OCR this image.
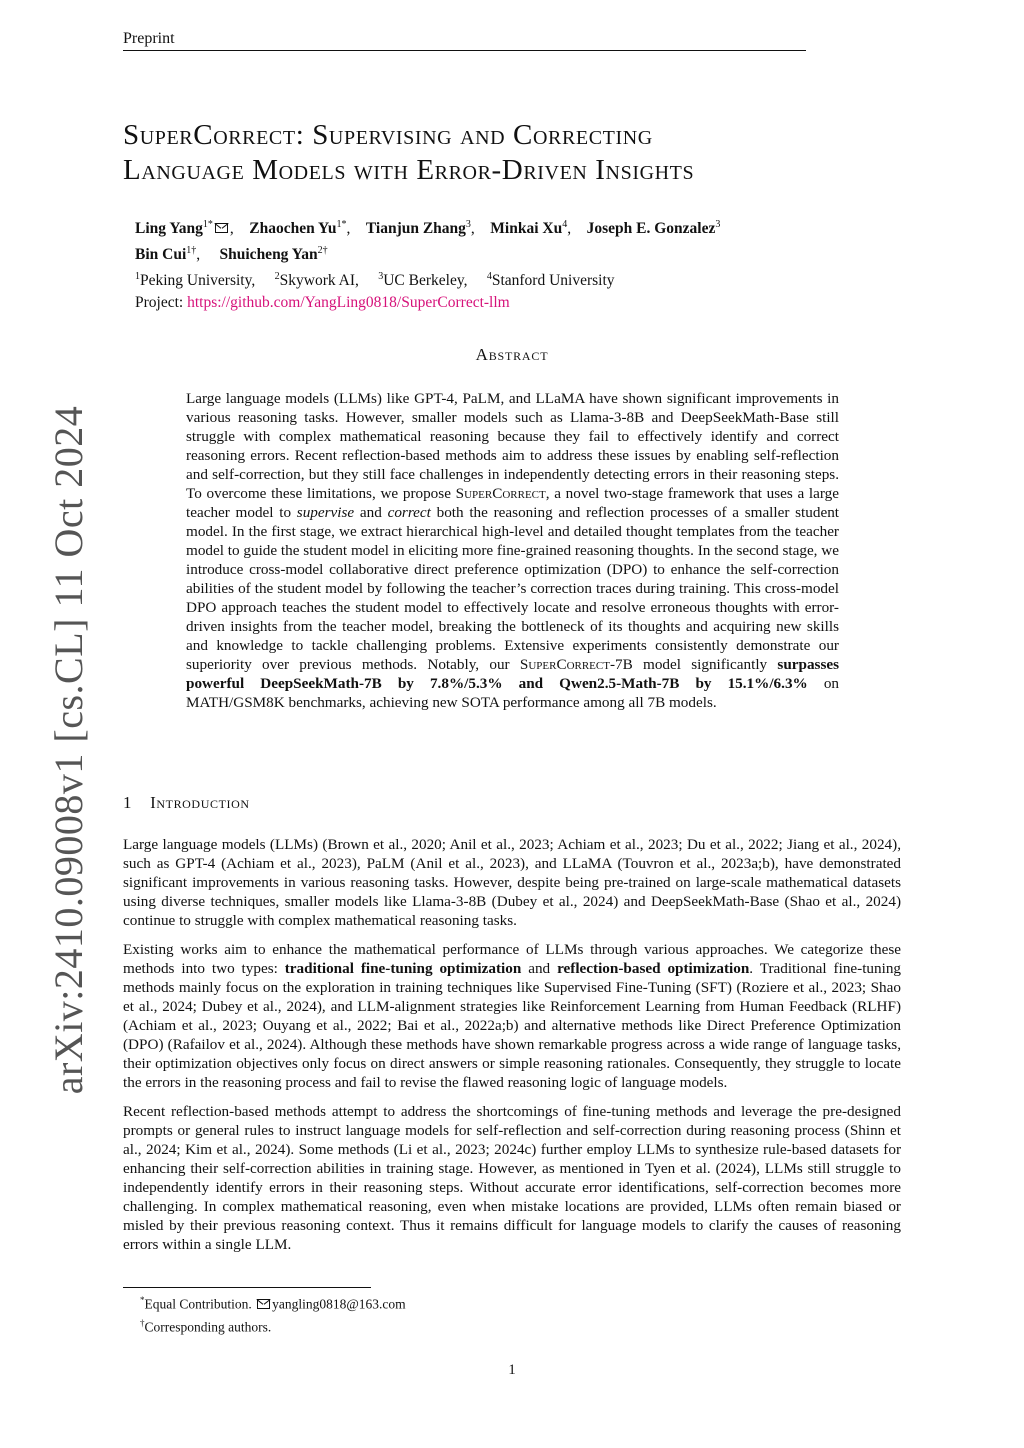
Preprint
arXiv:2410.09008v1 [cs.CL] 11 Oct 2024
SuperCorrect: Supervising and Correcting
Language Models with Error-Driven Insights
Ling Yang$^{1*}$ ,    Zhaochen $Yu^{1*}$,    Tianjun Zhang$^3$,    Minkai Xu$^4$,    Joseph E. Gonzalez$^3$
Bin Cui$^{1\dagger}$,     Shuicheng Yan$^{2\dagger}$
$^1$Peking University, $^2$Skywork AI, $^3$UC Berkeley, $^4$Stanford University
Project: https://github.com/YangLing0818/SuperCorrect-llm
Abstract
Large language models (LLMs) like GPT-4, PaLM, and LLaMA have shown significant improvements in various reasoning tasks. However, smaller models such as Llama-3-8B and DeepSeekMath-Base still struggle with complex mathematical reasoning because they fail to effectively identify and correct reasoning errors. Recent reflection-based methods aim to address these issues by enabling self-reflection and self-correction, but they still face challenges in independently detecting errors in their reasoning steps. To overcome these limitations, we propose SuperCorrect, a novel two-stage framework that uses a large teacher model to supervise and correct both the reasoning and reflection processes of a smaller student model. In the first stage, we extract hierarchical high-level and detailed thought templates from the teacher model to guide the student model in eliciting more fine-grained reasoning thoughts. In the second stage, we introduce cross-model collaborative direct preference optimization (DPO) to enhance the self-correction abilities of the student model by following the teacher’s correction traces during training. This cross-model DPO approach teaches the student model to effectively locate and resolve erroneous thoughts with error-driven insights from the teacher model, breaking the bottleneck of its thoughts and acquiring new skills and knowledge to tackle challenging problems. Extensive experiments consistently demonstrate our superiority over previous methods. Notably, our SuperCorrect-7B model significantly surpasses powerful DeepSeekMath-7B by 7.8%/5.3% and Qwen2.5-Math-7B by 15.1%/6.3% on MATH/GSM8K benchmarks, achieving new SOTA performance among all 7B models.
1 Introduction

Large language models (LLMs) (Brown et al., 2020; Anil et al., 2023; Achiam et al., 2023; Du et al., 2022; Jiang et al., 2024), such as GPT-4 (Achiam et al., 2023), PaLM (Anil et al., 2023), and LLaMA (Touvron et al., 2023a;b), have demonstrated significant improvements in various reasoning tasks. However, despite being pre-trained on large-scale mathematical datasets using diverse techniques, smaller models like Llama-3-8B (Dubey et al., 2024) and DeepSeekMath-Base (Shao et al., 2024) continue to struggle with complex mathematical reasoning tasks.

Existing works aim to enhance the mathematical performance of LLMs through various approaches. We categorize these methods into two types: traditional fine-tuning optimization and reflection-based optimization. Traditional fine-tuning methods mainly focus on the exploration in training techniques like Supervised Fine-Tuning (SFT) (Roziere et al., 2023; Shao et al., 2024; Dubey et al., 2024), and LLM-alignment strategies like Reinforcement Learning from Human Feedback (RLHF) (Achiam et al., 2023; Ouyang et al., 2022; Bai et al., 2022a;b) and alternative methods like Direct Preference Optimization (DPO) (Rafailov et al., 2024). Although these methods have shown remarkable progress across a wide range of language tasks, their optimization objectives only focus on direct answers or simple reasoning rationales. Consequently, they struggle to locate the errors in the reasoning process and fail to revise the flawed reasoning logic of language models.

Recent reflection-based methods attempt to address the shortcomings of fine-tuning methods and leverage the pre-designed prompts or general rules to instruct language models for self-reflection and self-correction during reasoning process (Shinn et al., 2024; Kim et al., 2024). Some methods (Li et al., 2023; 2024c) further employ LLMs to synthesize rule-based datasets for enhancing their self-correction abilities in training stage. However, as mentioned in Tyen et al. (2024), LLMs still struggle to independently identify errors in their reasoning steps. Without accurate error identifications, self-correction becomes more challenging. In complex mathematical reasoning, even when mistake locations are provided, LLMs often remain biased or misled by their previous reasoning context. Thus it remains difficult for language models to clarify the causes of reasoning errors within a single LLM.

*Equal Contribution. yangling0818@163.com
†Corresponding authors.
1
